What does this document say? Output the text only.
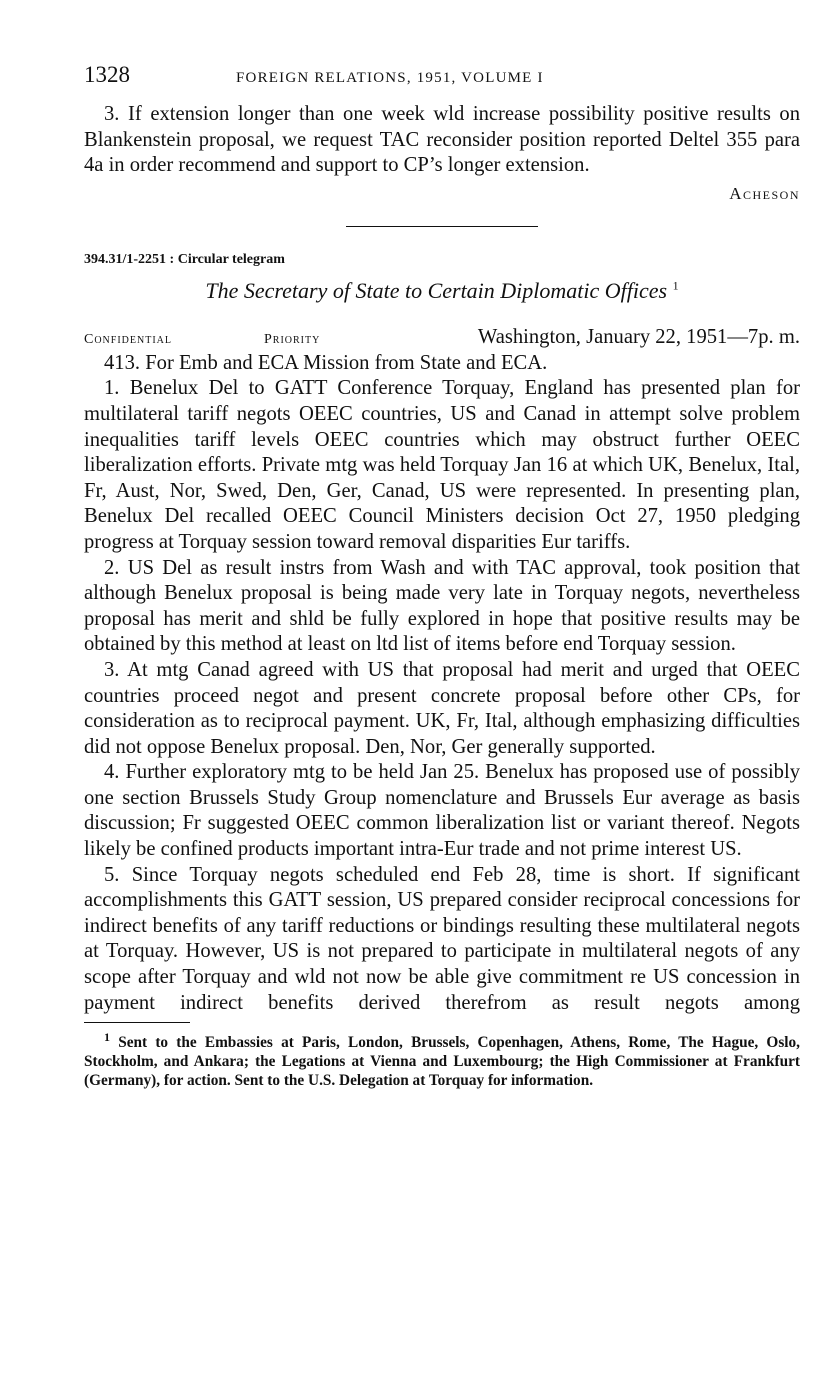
1328	FOREIGN RELATIONS, 1951, VOLUME I

3. If extension longer than one week wld increase possibility positive results on Blankenstein proposal, we request TAC reconsider position reported Deltel 355 para 4a in order recommend and support to CP’s longer extension.

Acheson
394.31/1-2251 : Circular telegram
The Secretary of State to Certain Diplomatic Offices $^1$
Confidential	Priority	Washington, January 22, 1951—7p. m.

413. For Emb and ECA Mission from State and ECA.

1. Benelux Del to GATT Conference Torquay, England has presented plan for multilateral tariff negots OEEC countries, US and Canad in attempt solve problem inequalities tariff levels OEEC countries which may obstruct further OEEC liberalization efforts. Private mtg was held Torquay Jan 16 at which UK, Benelux, Ital, Fr, Aust, Nor, Swed, Den, Ger, Canad, US were represented. In presenting plan, Benelux Del recalled OEEC Council Ministers decision Oct 27, 1950 pledging progress at Torquay session toward removal disparities Eur tariffs.

2. US Del as result instrs from Wash and with TAC approval, took position that although Benelux proposal is being made very late in Torquay negots, nevertheless proposal has merit and shld be fully explored in hope that positive results may be obtained by this method at least on ltd list of items before end Torquay session.

3. At mtg Canad agreed with US that proposal had merit and urged that OEEC countries proceed negot and present concrete proposal before other CPs, for consideration as to reciprocal payment. UK, Fr, Ital, although emphasizing difficulties did not oppose Benelux proposal. Den, Nor, Ger generally supported.

4. Further exploratory mtg to be held Jan 25. Benelux has proposed use of possibly one section Brussels Study Group nomenclature and Brussels Eur average as basis discussion; Fr suggested OEEC common liberalization list or variant thereof. Negots likely be confined products important intra-Eur trade and not prime interest US.

5. Since Torquay negots scheduled end Feb 28, time is short. If significant accomplishments this GATT session, US prepared consider reciprocal concessions for indirect benefits of any tariff reductions or bindings resulting these multilateral negots at Torquay. However, US is not prepared to participate in multilateral negots of any scope after Torquay and wld not now be able give commitment re US concession in payment indirect benefits derived therefrom as result negots among

$^1$ Sent to the Embassies at Paris, London, Brussels, Copenhagen, Athens, Rome, The Hague, Oslo, Stockholm, and Ankara; the Legations at Vienna and Luxembourg; the High Commissioner at Frankfurt (Germany), for action. Sent to the U.S. Delegation at Torquay for information.
